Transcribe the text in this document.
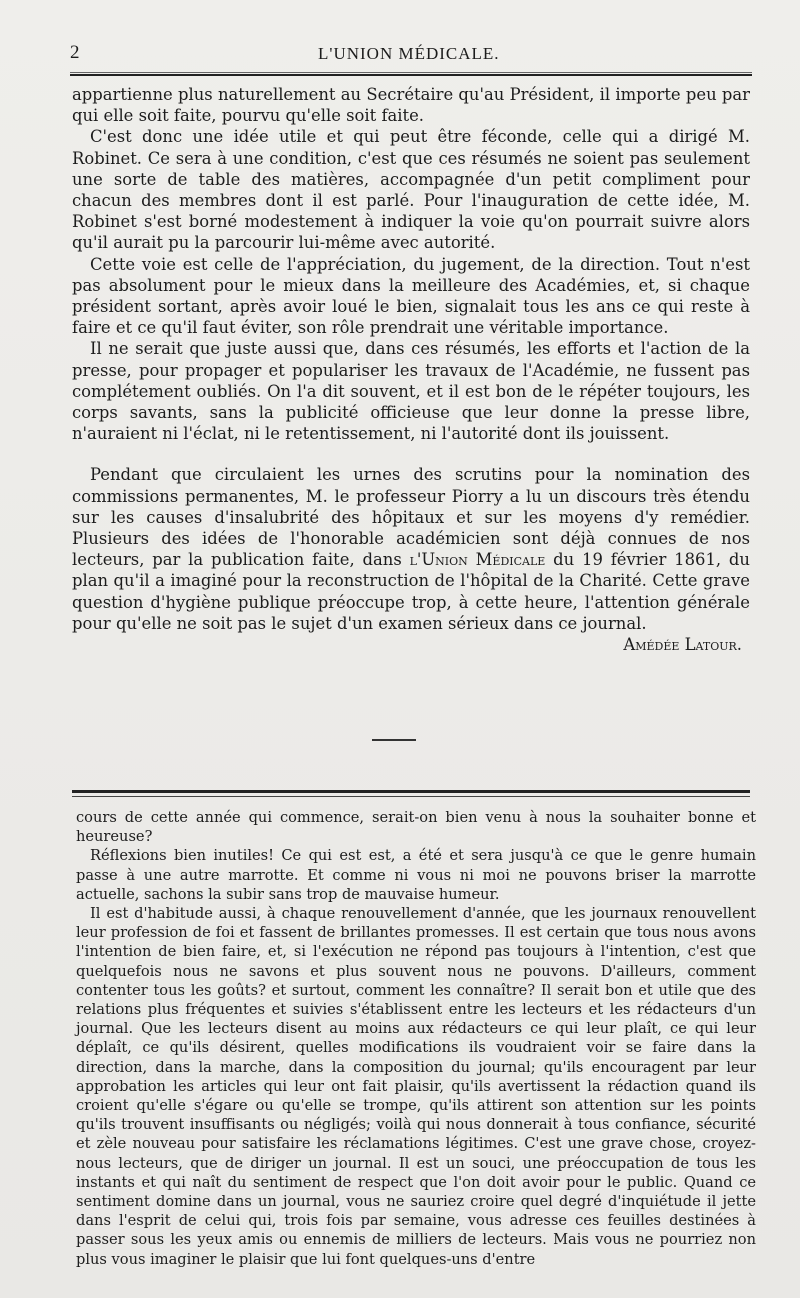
2	L'UNION MÉDICALE.

appartienne plus naturellement au Secrétaire qu'au Président, il importe peu par qui elle soit faite, pourvu qu'elle soit faite.

C'est donc une idée utile et qui peut être féconde, celle qui a dirigé M. Robinet. Ce sera à une condition, c'est que ces résumés ne soient pas seulement une sorte de table des matières, accompagnée d'un petit compliment pour chacun des membres dont il est parlé. Pour l'inauguration de cette idée, M. Robinet s'est borné modestement à indiquer la voie qu'on pourrait suivre alors qu'il aurait pu la parcourir lui-même avec autorité.

Cette voie est celle de l'appréciation, du jugement, de la direction. Tout n'est pas absolument pour le mieux dans la meilleure des Académies, et, si chaque président sortant, après avoir loué le bien, signalait tous les ans ce qui reste à faire et ce qu'il faut éviter, son rôle prendrait une véritable importance.

Il ne serait que juste aussi que, dans ces résumés, les efforts et l'action de la presse, pour propager et populariser les travaux de l'Académie, ne fussent pas complétement oubliés. On l'a dit souvent, et il est bon de le répéter toujours, les corps savants, sans la publicité officieuse que leur donne la presse libre, n'auraient ni l'éclat, ni le retentissement, ni l'autorité dont ils jouissent.

Pendant que circulaient les urnes des scrutins pour la nomination des commissions permanentes, M. le professeur Piorry a lu un discours très étendu sur les causes d'insalubrité des hôpitaux et sur les moyens d'y remédier. Plusieurs des idées de l'honorable académicien sont déjà connues de nos lecteurs, par la publication faite, dans l'Union Médicale du 19 février 1861, du plan qu'il a imaginé pour la reconstruction de l'hôpital de la Charité. Cette grave question d'hygiène publique préoccupe trop, à cette heure, l'attention générale pour qu'elle ne soit pas le sujet d'un examen sérieux dans ce journal.

Amédée Latour.

cours de cette année qui commence, serait-on bien venu à nous la souhaiter bonne et heureuse?

Réflexions bien inutiles! Ce qui est est, a été et sera jusqu'à ce que le genre humain passe à une autre marrotte. Et comme ni vous ni moi ne pouvons briser la marrotte actuelle, sachons la subir sans trop de mauvaise humeur.

Il est d'habitude aussi, à chaque renouvellement d'année, que les journaux renouvellent leur profession de foi et fassent de brillantes promesses. Il est certain que tous nous avons l'intention de bien faire, et, si l'exécution ne répond pas toujours à l'intention, c'est que quelquefois nous ne savons et plus souvent nous ne pouvons. D'ailleurs, comment contenter tous les goûts? et surtout, comment les connaître? Il serait bon et utile que des relations plus fréquentes et suivies s'établissent entre les lecteurs et les rédacteurs d'un journal. Que les lecteurs disent au moins aux rédacteurs ce qui leur plaît, ce qui leur déplaît, ce qu'ils désirent, quelles modifications ils voudraient voir se faire dans la direction, dans la marche, dans la composition du journal; qu'ils encouragent par leur approbation les articles qui leur ont fait plaisir, qu'ils avertissent la rédaction quand ils croient qu'elle s'égare ou qu'elle se trompe, qu'ils attirent son attention sur les points qu'ils trouvent insuffisants ou négligés; voilà qui nous donnerait à tous confiance, sécurité et zèle nouveau pour satisfaire les réclamations légitimes. C'est une grave chose, croyez-nous lecteurs, que de diriger un journal. Il est un souci, une préoccupation de tous les instants et qui naît du sentiment de respect que l'on doit avoir pour le public. Quand ce sentiment domine dans un journal, vous ne sauriez croire quel degré d'inquiétude il jette dans l'esprit de celui qui, trois fois par semaine, vous adresse ces feuilles destinées à passer sous les yeux amis ou ennemis de milliers de lecteurs. Mais vous ne pourriez non plus vous imaginer le plaisir que lui font quelques-uns d'entre
